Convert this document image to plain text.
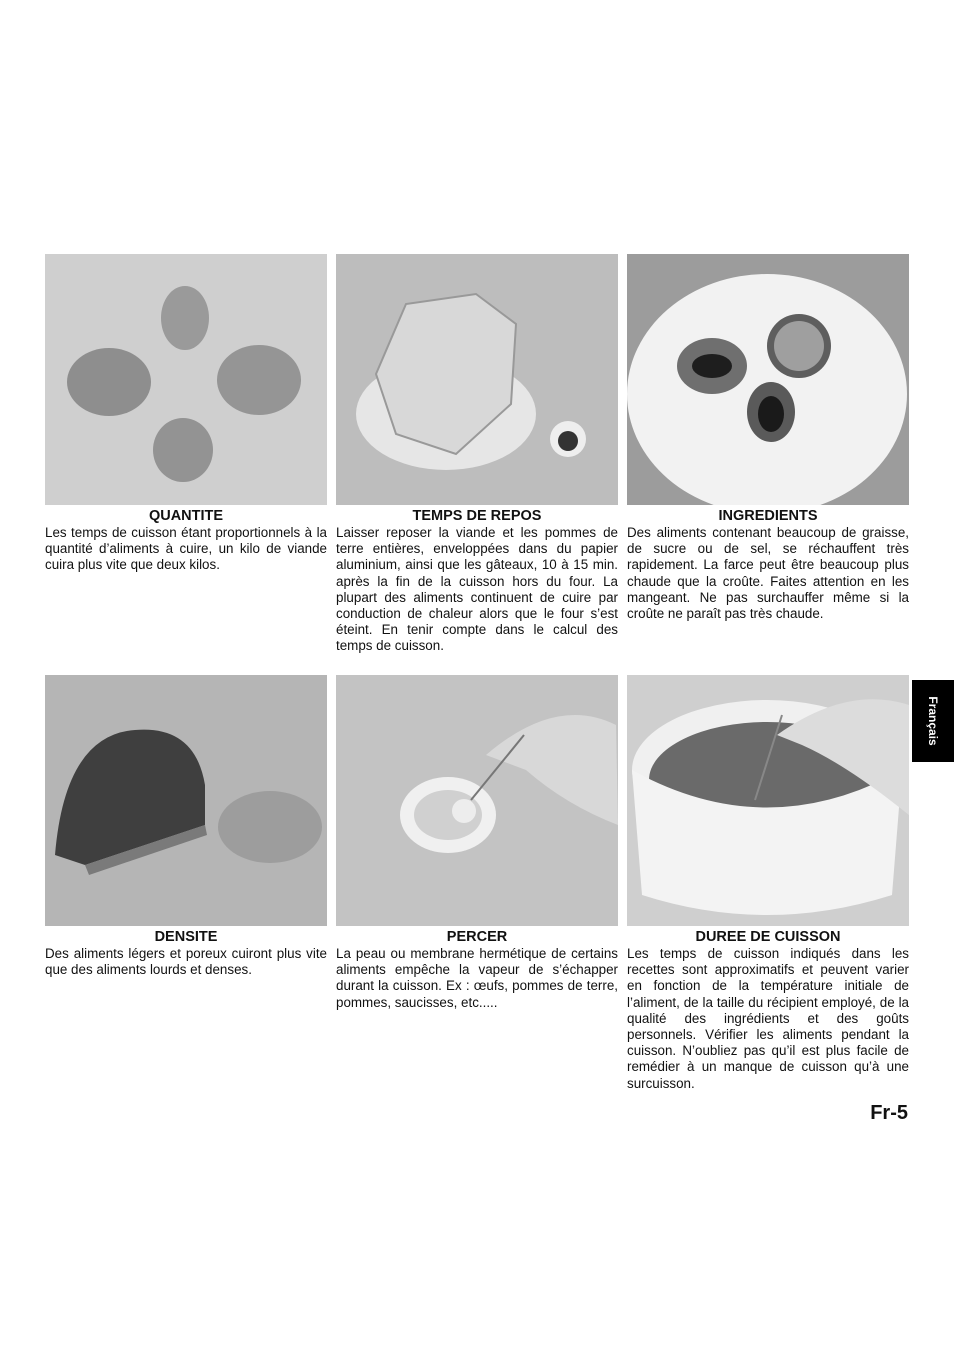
QUANTITE
Les temps de cuisson étant proportionnels à la quantité d’aliments à cuire, un kilo de viande cuira plus vite que deux kilos.
TEMPS DE REPOS
Laisser reposer la viande et les pommes de terre entières, enveloppées dans du papier aluminium, ainsi que les gâteaux, 10 à 15 min. après la fin de la cuisson hors du four. La plupart des aliments continuent de cuire par conduction de chaleur alors que le four s’est éteint. En tenir compte dans le calcul des temps de cuisson.
INGREDIENTS
Des aliments contenant beaucoup de graisse, de sucre ou de sel, se réchauffent très rapidement. La farce peut être beaucoup plus chaude que la croûte. Faites attention en les mangeant. Ne pas surchauffer même si la croûte ne paraît pas très chaude.
DENSITE
Des aliments légers et poreux cuiront plus vite que des aliments lourds et denses.
PERCER
La peau ou membrane hermétique de certains aliments empêche la vapeur de s’échapper durant la cuisson. Ex : œufs, pommes de terre, pommes, saucisses, etc.....
DUREE DE CUISSON
Les temps de cuisson indiqués dans les recettes sont approximatifs et peuvent varier en fonction de la température initiale de l’aliment, de la taille du récipient employé, de la qualité des ingrédients et des goûts personnels. Vérifier les aliments pendant la cuisson. N’oubliez pas qu’il est plus facile de remédier à un manque de cuisson qu’à une surcuisson.
Français
Fr-5
